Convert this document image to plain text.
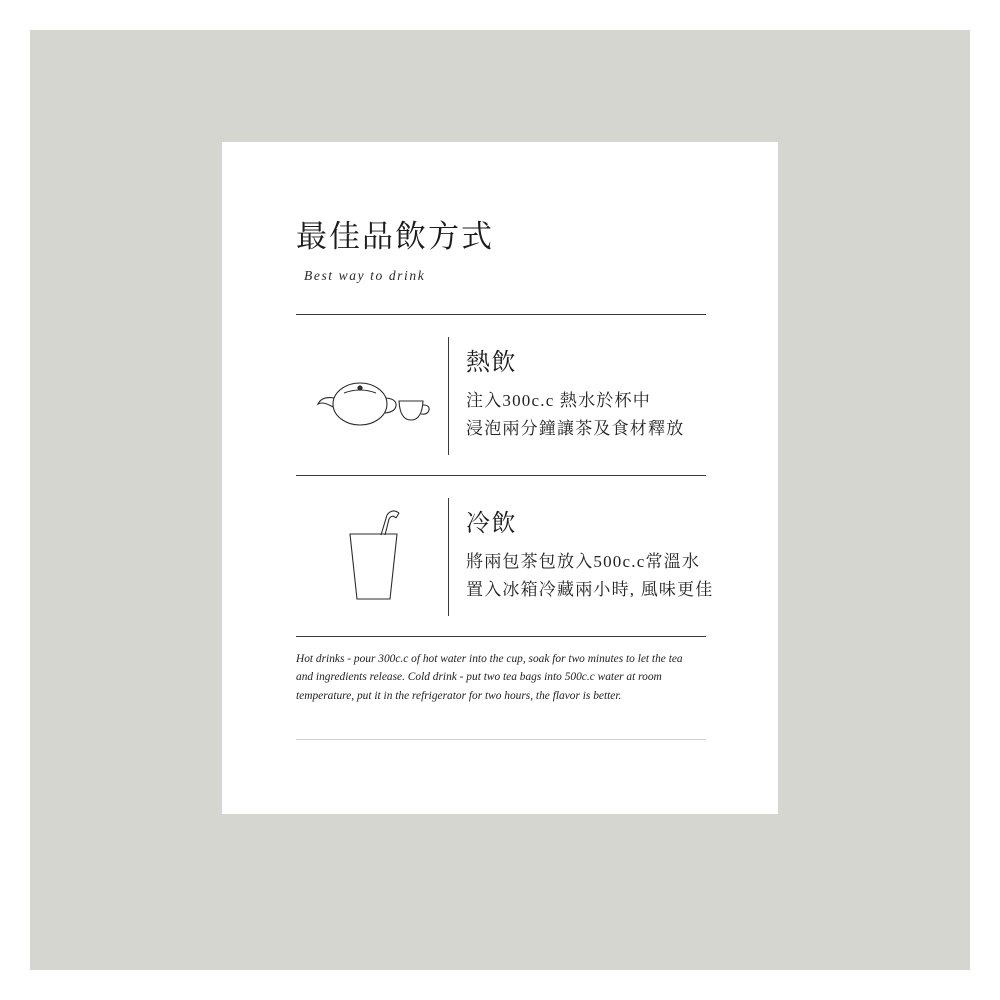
最佳品飲方式
Best way to drink
熱飲
注入300c.c 熱水於杯中
浸泡兩分鐘讓茶及食材釋放
冷飲
將兩包茶包放入500c.c常溫水
置入冰箱冷藏兩小時, 風味更佳

Hot drinks - pour 300c.c of hot water into the cup, soak for two minutes to let the tea and ingredients release. Cold drink - put two tea bags into 500c.c water at room temperature, put it in the refrigerator for two hours, the flavor is better.
